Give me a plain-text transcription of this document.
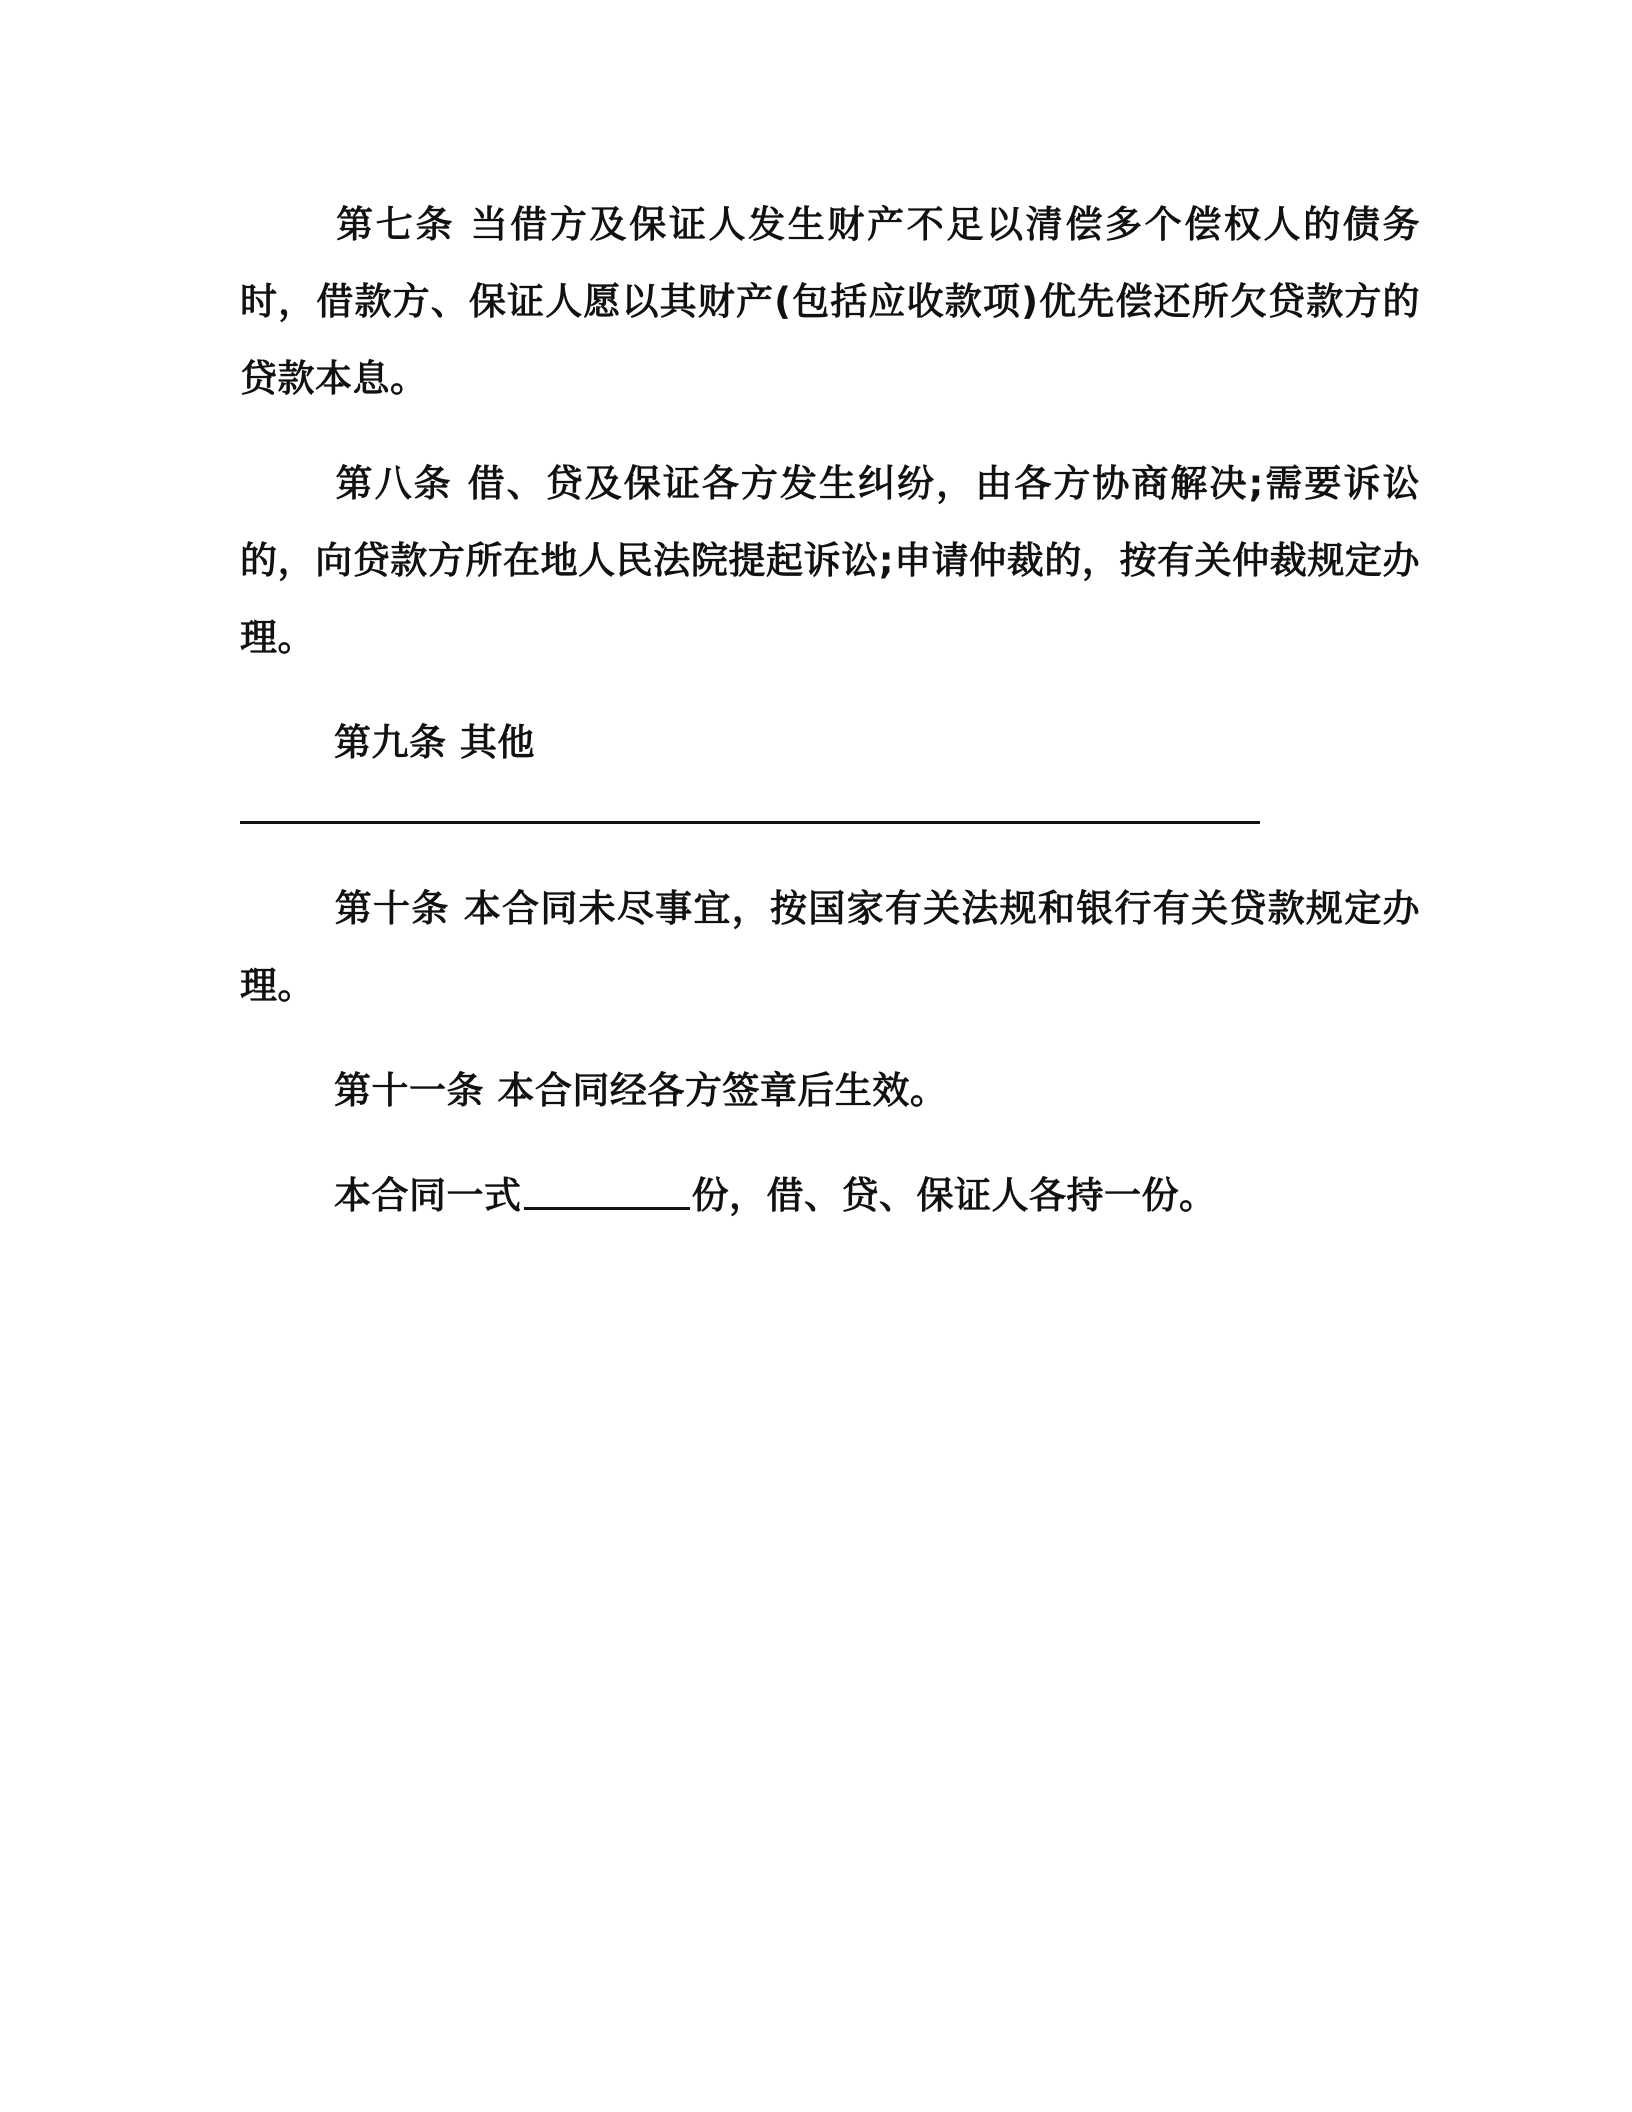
第七条 当借方及保证人发生财产不足以清偿多个偿权人的债务时，借款方、保证人愿以其财产(包括应收款项)优先偿还所欠贷款方的贷款本息。

第八条 借、贷及保证各方发生纠纷，由各方协商解决;需要诉讼的，向贷款方所在地人民法院提起诉讼;申请仲裁的，按有关仲裁规定办理。

第九条 其他

第十条 本合同未尽事宜，按国家有关法规和银行有关贷款规定办理。

第十一条 本合同经各方签章后生效。

本合同一式	份，借、贷、保证人各持一份。
